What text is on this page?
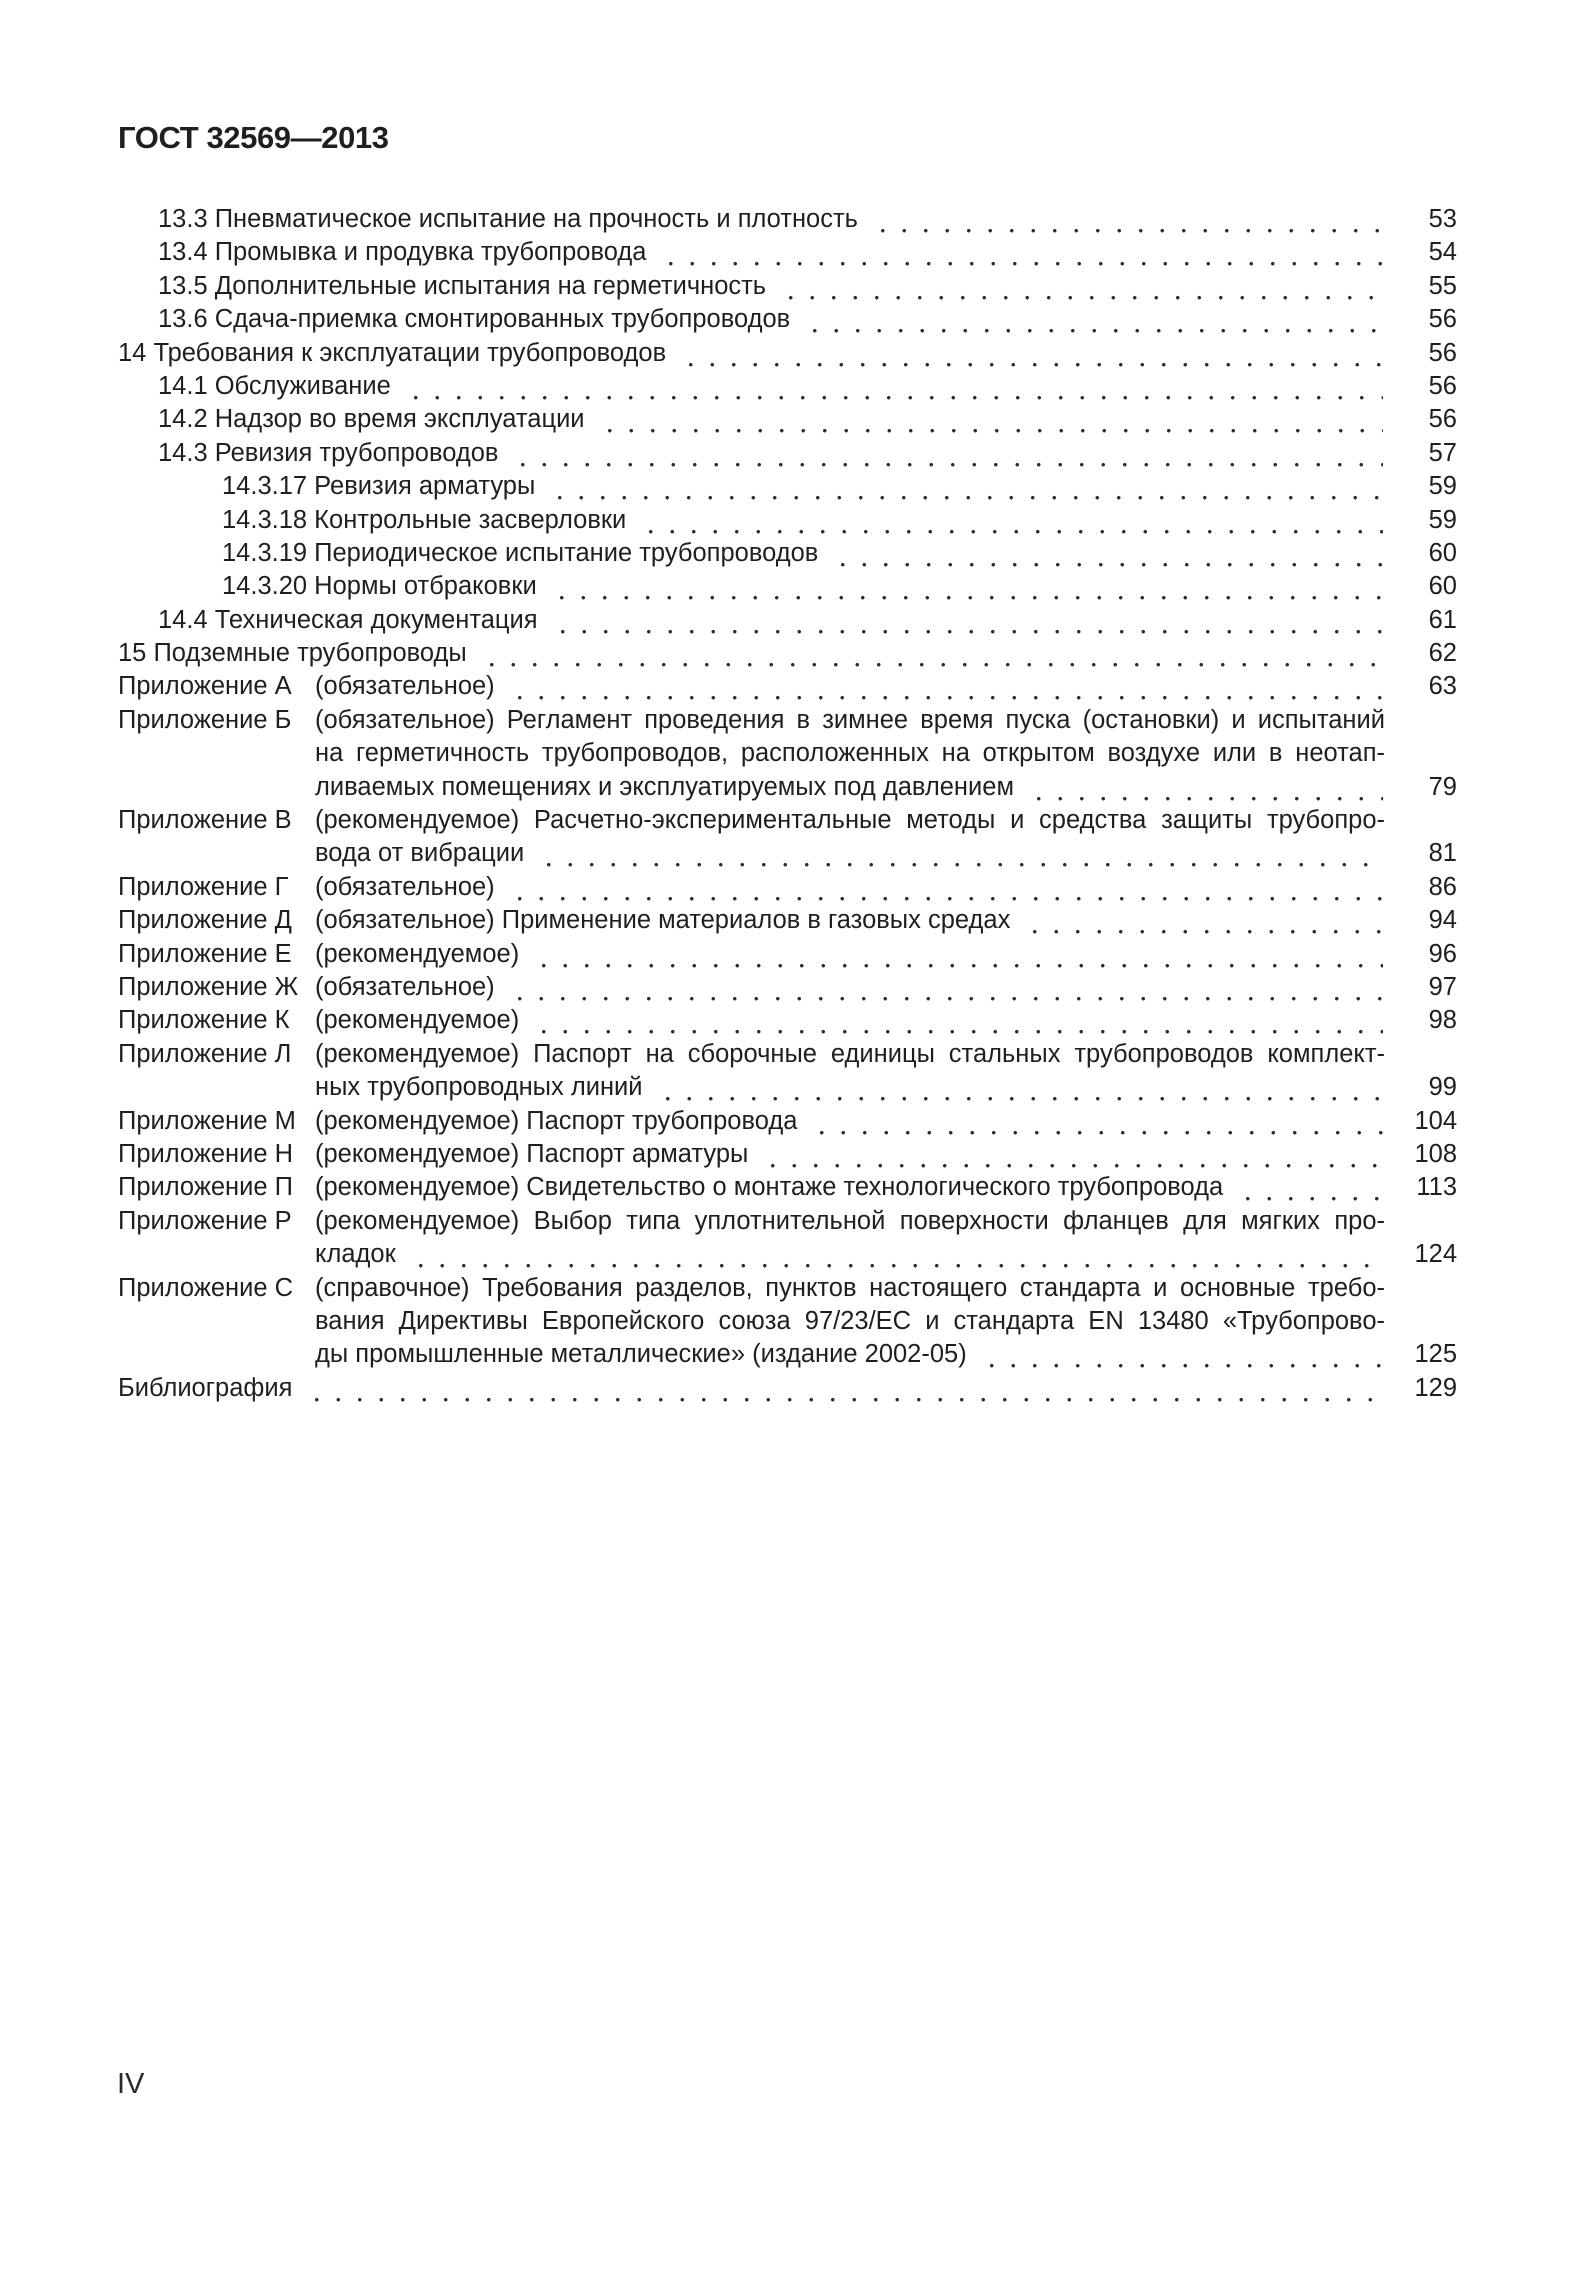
ГОСТ 32569—2013
13.3 Пневматическое испытание на прочность и плотность	53
13.4 Промывка и продувка трубопровода	54
13.5 Дополнительные испытания на герметичность	55
13.6 Сдача-приемка смонтированных трубопроводов	56
14 Требования к эксплуатации трубопроводов	56
14.1 Обслуживание	56
14.2 Надзор во время эксплуатации	56
14.3 Ревизия трубопроводов	57
14.3.17 Ревизия арматуры	59
14.3.18 Контрольные засверловки	59
14.3.19 Периодическое испытание трубопроводов	60
14.3.20 Нормы отбраковки	60
14.4 Техническая документация	61
15 Подземные трубопроводы	62
Приложение А (обязательное)	63
Приложение Б (обязательное) Регламент проведения в зимнее время пуска (остановки) и испытаний
на герметичность трубопроводов, расположенных на открытом воздухе или в неотап-
ливаемых помещениях и эксплуатируемых под давлением	79
Приложение В (рекомендуемое) Расчетно-экспериментальные методы и средства защиты трубопро-
вода от вибрации	81
Приложение Г	(обязательное)	86
Приложение Д (обязательное) Применение материалов в газовых средах	94
Приложение Е (рекомендуемое)	96
Приложение Ж (обязательное)	97
Приложение К (рекомендуемое)	98
Приложение Л (рекомендуемое) Паспорт на сборочные единицы стальных трубопроводов комплект-
ных трубопроводных линий	99
Приложение М (рекомендуемое) Паспорт трубопровода	104
Приложение Н (рекомендуемое) Паспорт арматуры	108
Приложение П (рекомендуемое) Свидетельство о монтаже технологического трубопровода	113
Приложение Р (рекомендуемое) Выбор типа уплотнительной поверхности фланцев для мягких про-
кладок	124
Приложение С (справочное) Требования разделов, пунктов настоящего стандарта и основные требо-
вания Директивы Европейского союза 97/23/ЕС и стандарта EN 13480 «Трубопрово-
ды промышленные металлические» (издание 2002-05)	125
Библиография	129
IV
